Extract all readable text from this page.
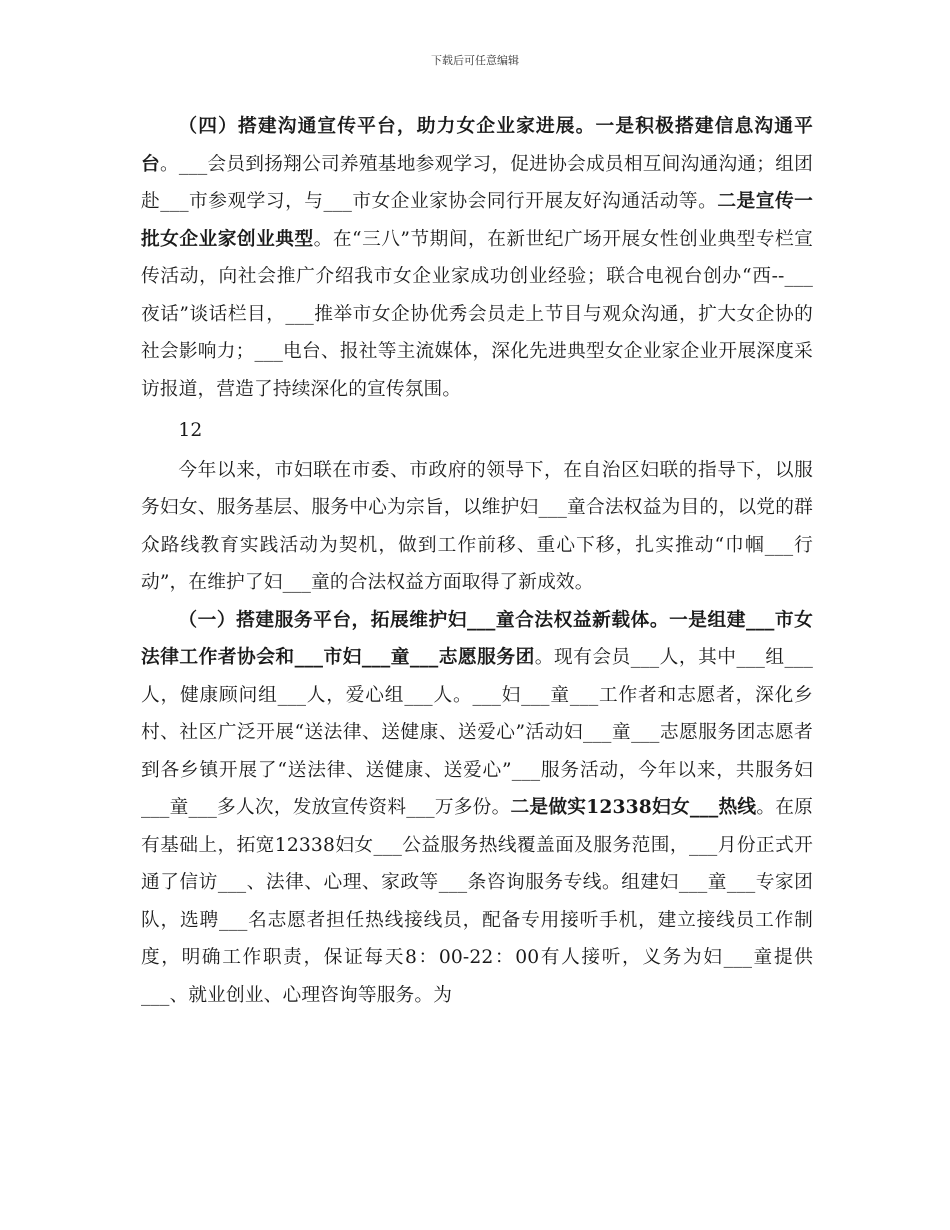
下载后可任意编辑

（四）搭建沟通宣传平台，助力女企业家进展。一是积极搭建信息沟通平台。___会员到扬翔公司养殖基地参观学习，促进协会成员相互间沟通沟通；组团赴___市参观学习，与___市女企业家协会同行开展友好沟通活动等。二是宣传一批女企业家创业典型。在“三八”节期间，在新世纪广场开展女性创业典型专栏宣传活动，向社会推广介绍我市女企业家成功创业经验；联合电视台创办“西--___夜话”谈话栏目，___推举市女企协优秀会员走上节目与观众沟通，扩大女企协的社会影响力；___电台、报社等主流媒体，深化先进典型女企业家企业开展深度采访报道，营造了持续深化的宣传氛围。

12

今年以来，市妇联在市委、市政府的领导下，在自治区妇联的指导下，以服务妇女、服务基层、服务中心为宗旨，以维护妇___童合法权益为目的，以党的群众路线教育实践活动为契机，做到工作前移、重心下移，扎实推动“巾帼___行动”，在维护了妇___童的合法权益方面取得了新成效。

（一）搭建服务平台，拓展维护妇___童合法权益新载体。一是组建___市女法律工作者协会和___市妇___童___志愿服务团。现有会员___人，其中___组___人，健康顾问组___人，爱心组___人。___妇___童___工作者和志愿者，深化乡村、社区广泛开展“送法律、送健康、送爱心”活动妇___童___志愿服务团志愿者到各乡镇开展了“送法律、送健康、送爱心”___服务活动，今年以来，共服务妇___童___多人次，发放宣传资料___万多份。二是做实12338妇女___热线。在原有基础上，拓宽12338妇女___公益服务热线覆盖面及服务范围，___月份正式开通了信访___、法律、心理、家政等___条咨询服务专线。组建妇___童___专家团队，选聘___名志愿者担任热线接线员，配备专用接听手机，建立接线员工作制度，明确工作职责，保证每天8：00-22：00有人接听，义务为妇___童提供___、就业创业、心理咨询等服务。为
